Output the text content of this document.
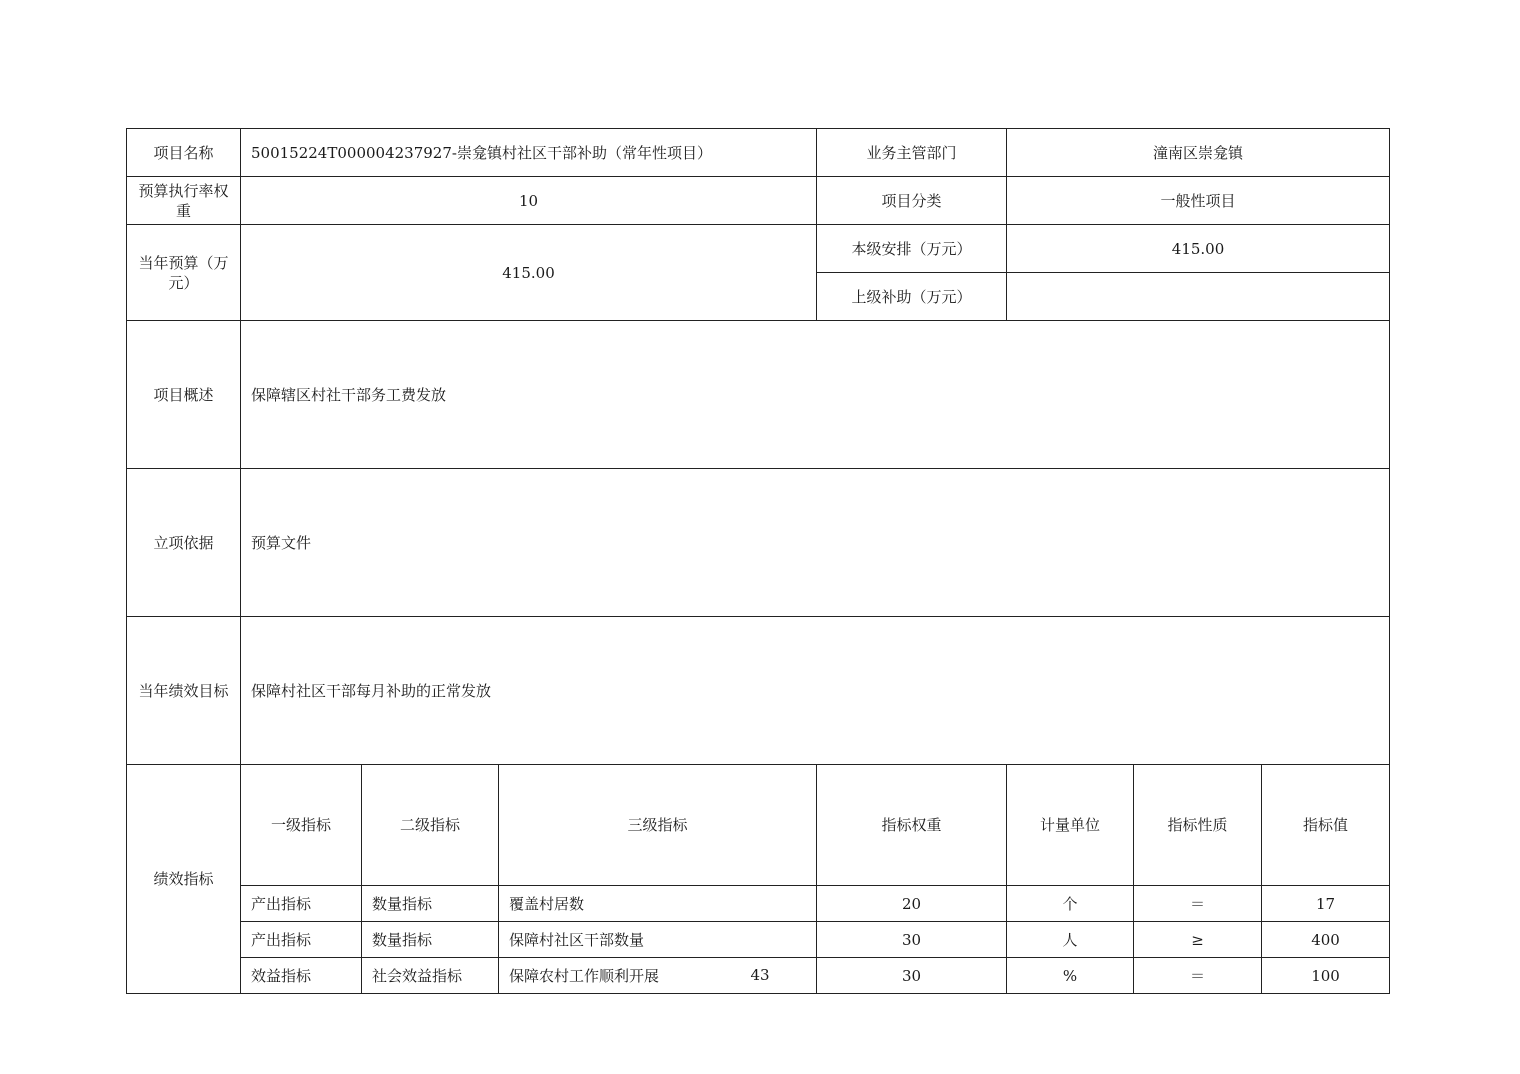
项目名称	50015224T000004237927-崇龛镇村社区干部补助（常年性项目）			业务主管部门	潼南区崇龛镇			
预算执行率权重	10			项目分类	一般性项目			
当年预算（万元）	415.00			本级安排（万元）	415.00			
				上级补助（万元）				
项目概述	保障辖区村社干部务工费发放							
立项依据	预算文件							
当年绩效目标	保障村社区干部每月补助的正常发放							
绩效指标	一级指标	二级指标	三级指标	指标权重	计量单位	指标性质	指标值	
	产出指标	数量指标	覆盖村居数	20	个	＝	17	
	产出指标	数量指标	保障村社区干部数量	30	人	≥	400	
	效益指标	社会效益指标	保障农村工作顺利开展	30	%	＝	100	
43
